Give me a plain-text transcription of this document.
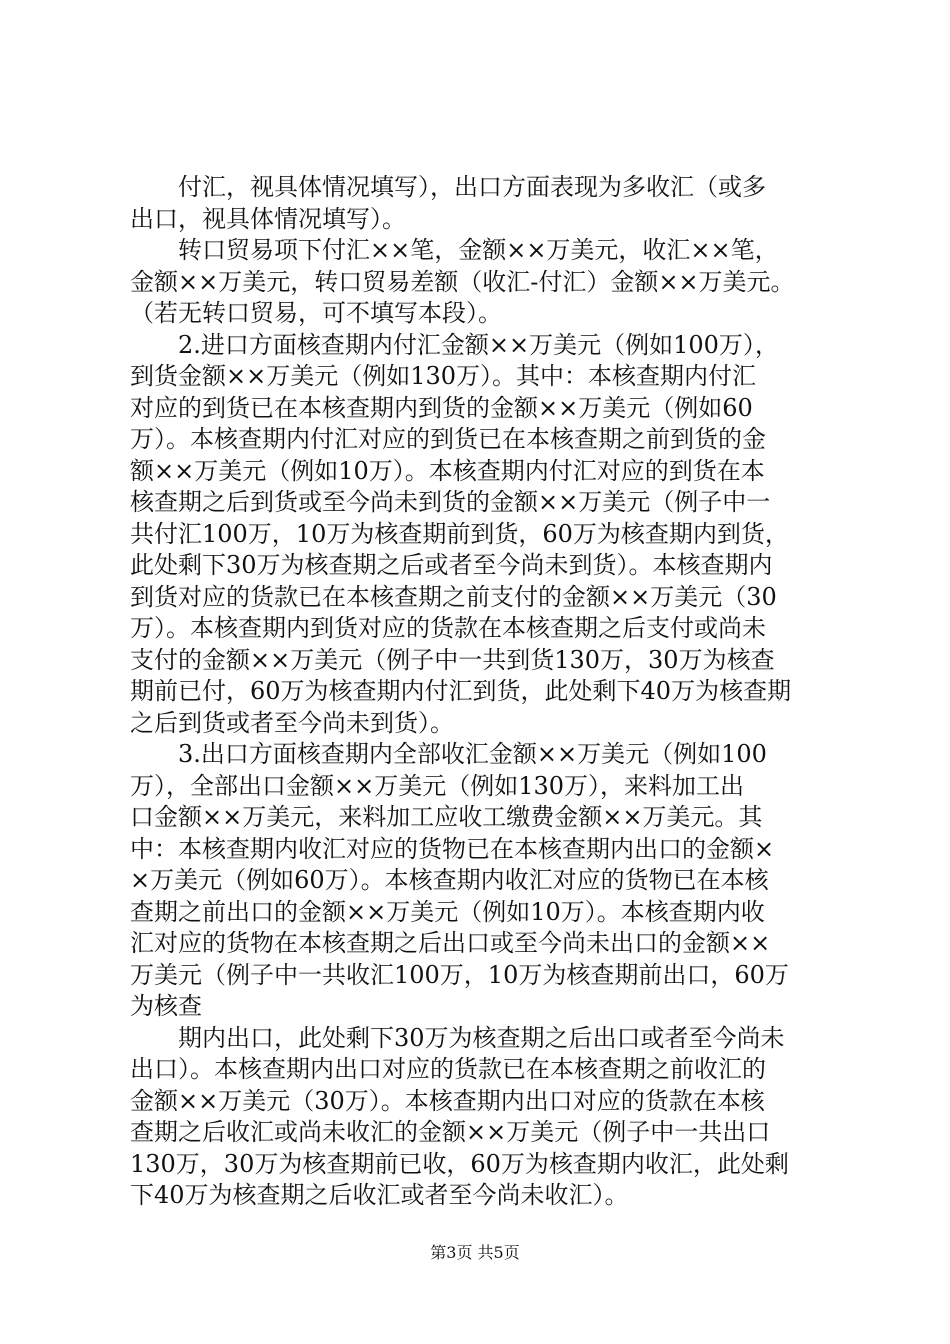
付汇，视具体情况填写），出口方面表现为多收汇（或多
出口，视具体情况填写）。

转口贸易项下付汇××笔，金额××万美元，收汇××笔，
金额××万美元，转口贸易差额（收汇-付汇）金额××万美元。
（若无转口贸易，可不填写本段）。

2.进口方面核查期内付汇金额××万美元（例如100万），
到货金额××万美元（例如130万）。其中：本核查期内付汇
对应的到货已在本核查期内到货的金额××万美元（例如60
万）。本核查期内付汇对应的到货已在本核查期之前到货的金
额××万美元（例如10万）。本核查期内付汇对应的到货在本
核查期之后到货或至今尚未到货的金额××万美元（例子中一
共付汇100万，10万为核查期前到货，60万为核查期内到货，
此处剩下30万为核查期之后或者至今尚未到货）。本核查期内
到货对应的货款已在本核查期之前支付的金额××万美元（30
万）。本核查期内到货对应的货款在本核查期之后支付或尚未
支付的金额××万美元（例子中一共到货130万，30万为核查
期前已付，60万为核查期内付汇到货，此处剩下40万为核查期
之后到货或者至今尚未到货）。

3.出口方面核查期内全部收汇金额××万美元（例如100
万），全部出口金额××万美元（例如130万），来料加工出
口金额××万美元，来料加工应收工缴费金额××万美元。其
中：本核查期内收汇对应的货物已在本核查期内出口的金额×
×万美元（例如60万）。本核查期内收汇对应的货物已在本核
查期之前出口的金额××万美元（例如10万）。本核查期内收
汇对应的货物在本核查期之后出口或至今尚未出口的金额××
万美元（例子中一共收汇100万，10万为核查期前出口，60万
为核查

期内出口，此处剩下30万为核查期之后出口或者至今尚未
出口）。本核查期内出口对应的货款已在本核查期之前收汇的
金额××万美元（30万）。本核查期内出口对应的货款在本核
查期之后收汇或尚未收汇的金额××万美元（例子中一共出口
130万，30万为核查期前已收，60万为核查期内收汇，此处剩
下40万为核查期之后收汇或者至今尚未收汇）。

第3页 共5页
